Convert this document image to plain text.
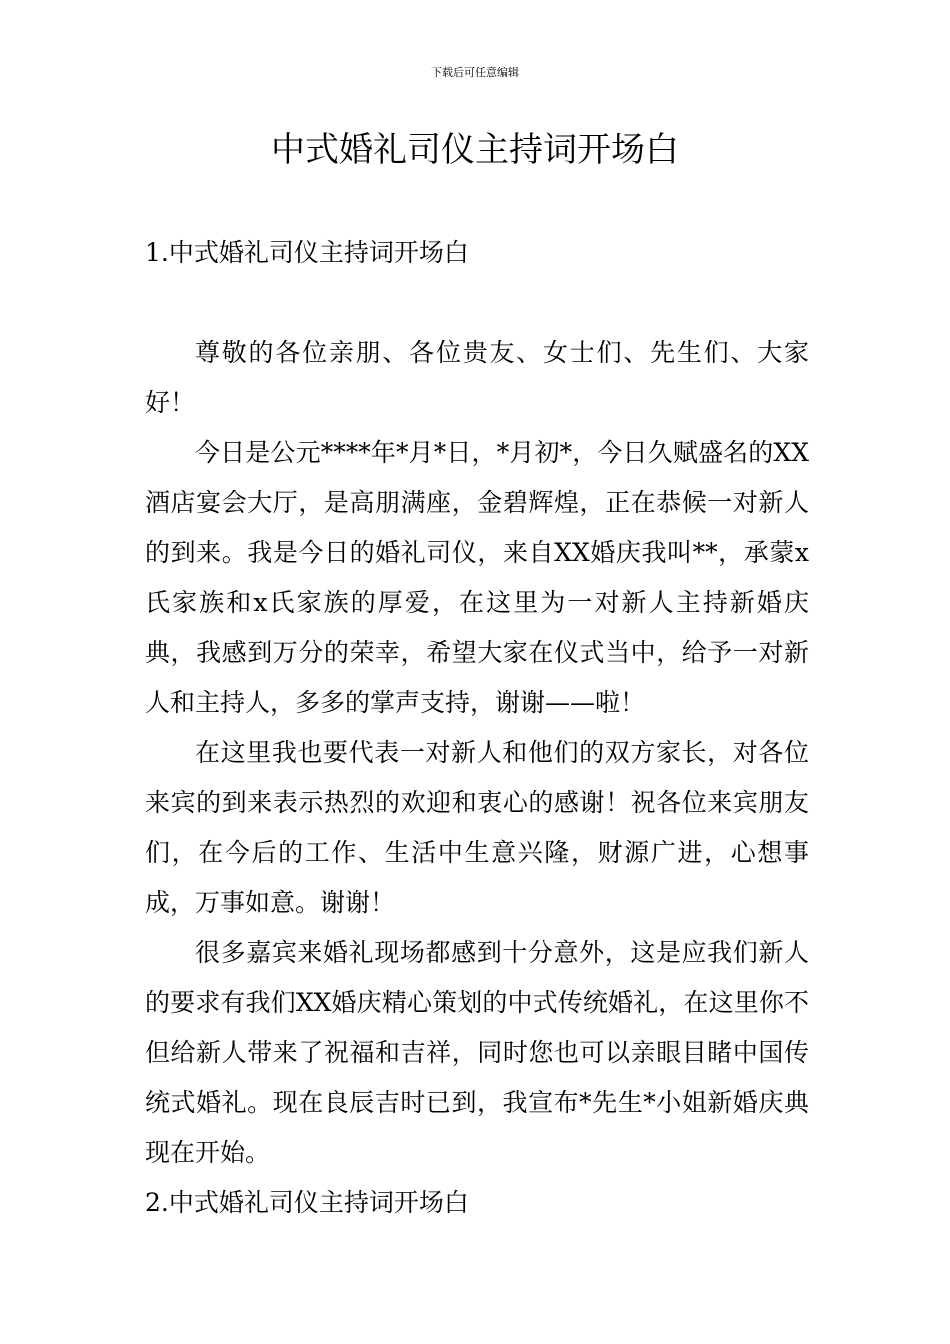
下载后可任意编辑
中式婚礼司仪主持词开场白
1.中式婚礼司仪主持词开场白

尊敬的各位亲朋、各位贵友、女士们、先生们、大家好！

今日是公元****年*月*日，*月初*，今日久赋盛名的XX酒店宴会大厅，是高朋满座，金碧辉煌，正在恭候一对新人的到来。我是今日的婚礼司仪，来自XX婚庆我叫**，承蒙x氏家族和x氏家族的厚爱，在这里为一对新人主持新婚庆典，我感到万分的荣幸，希望大家在仪式当中，给予一对新人和主持人，多多的掌声支持，谢谢——啦！

在这里我也要代表一对新人和他们的双方家长，对各位来宾的到来表示热烈的欢迎和衷心的感谢！祝各位来宾朋友们，在今后的工作、生活中生意兴隆，财源广进，心想事成，万事如意。谢谢！

很多嘉宾来婚礼现场都感到十分意外，这是应我们新人的要求有我们XX婚庆精心策划的中式传统婚礼，在这里你不但给新人带来了祝福和吉祥，同时您也可以亲眼目睹中国传统式婚礼。现在良辰吉时已到，我宣布*先生*小姐新婚庆典现在开始。

2.中式婚礼司仪主持词开场白
